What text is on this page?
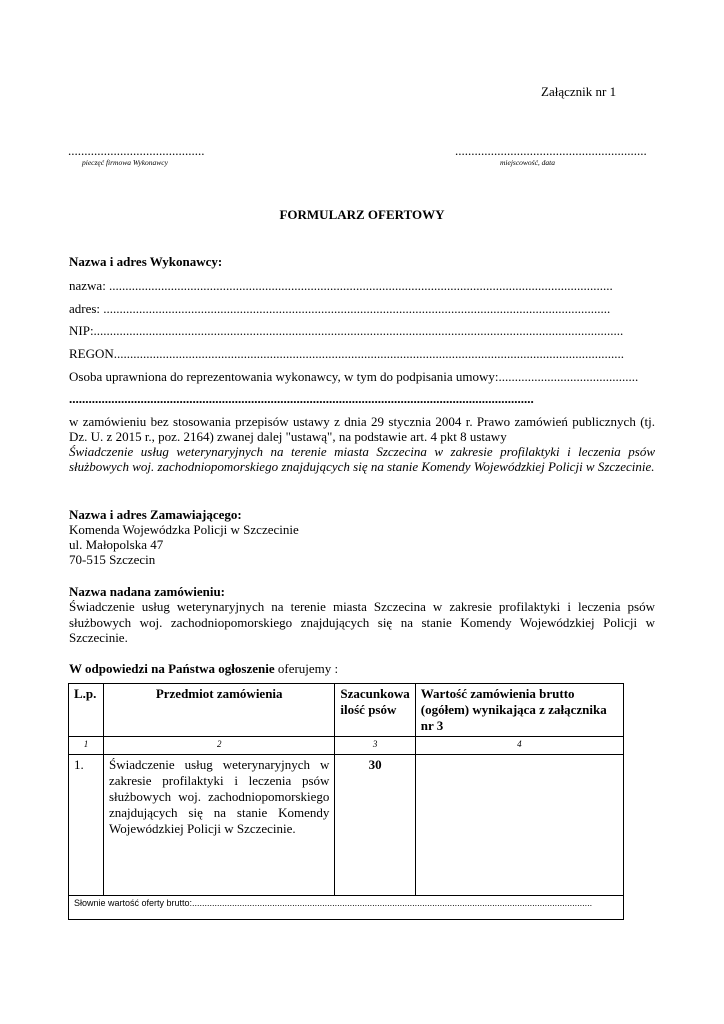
Załącznik nr 1
..........................................
pieczęć firmowa Wykonawcy
...........................................................
miejscowość, data
FORMULARZ OFERTOWY
Nazwa i adres Wykonawcy:
nazwa: ...........................................................................................................................................................
adres: ............................................................................................................................................................
NIP:...................................................................................................................................................................
REGON.............................................................................................................................................................
Osoba uprawniona do reprezentowania wykonawcy, w tym do podpisania umowy:...........................................
...............................................................................................................................................
w zamówieniu bez stosowania przepisów ustawy z dnia 29 stycznia 2004 r. Prawo zamówień publicznych (tj. Dz. U. z 2015 r., poz. 2164) zwanej dalej "ustawą", na podstawie art. 4 pkt 8 ustawy
Świadczenie usług weterynaryjnych na terenie miasta Szczecina w zakresie profilaktyki i leczenia psów służbowych woj. zachodniopomorskiego znajdujących się na stanie Komendy Wojewódzkiej Policji w Szczecinie.
Nazwa i adres Zamawiającego:
Komenda Wojewódzka Policji w Szczecinie
ul. Małopolska 47
70-515 Szczecin
Nazwa nadana zamówieniu:
Świadczenie usług weterynaryjnych na terenie miasta Szczecina w zakresie profilaktyki i leczenia psów służbowych woj. zachodniopomorskiego znajdujących się na stanie Komendy Wojewódzkiej Policji w Szczecinie.
W odpowiedzi na Państwa ogłoszenie oferujemy :
L.p.	Przedmiot zamówienia	Szacunkowa ilość psów	Wartość zamówienia brutto (ogółem) wynikająca z załącznika nr 3
1	2	3	4
1.	Świadczenie usług weterynaryjnych w zakresie profilaktyki i leczenia psów służbowych woj. zachodniopomorskiego znajdujących się na stanie Komendy Wojewódzkiej Policji w Szczecinie.	30	
Słownie wartość oferty brutto:................................................................................................................................................................			
